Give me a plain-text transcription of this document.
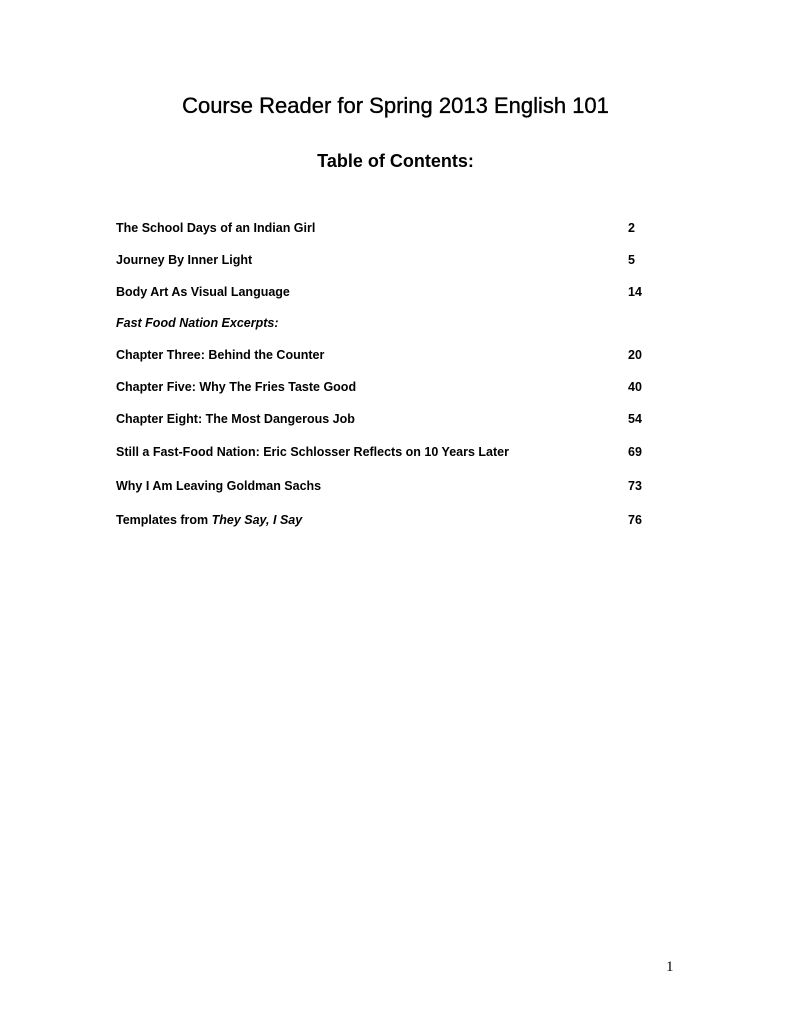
Course Reader for Spring 2013 English 101
Table of Contents:
The School Days of an Indian Girl	2
Journey By Inner Light	5
Body Art As Visual Language	14
Fast Food Nation Excerpts:
Chapter Three: Behind the Counter	20
Chapter Five: Why The Fries Taste Good	40
Chapter Eight: The Most Dangerous Job	54
Still a Fast-Food Nation: Eric Schlosser Reflects on 10 Years Later	69
Why I Am Leaving Goldman Sachs	73
Templates from They Say, I Say	76
1
